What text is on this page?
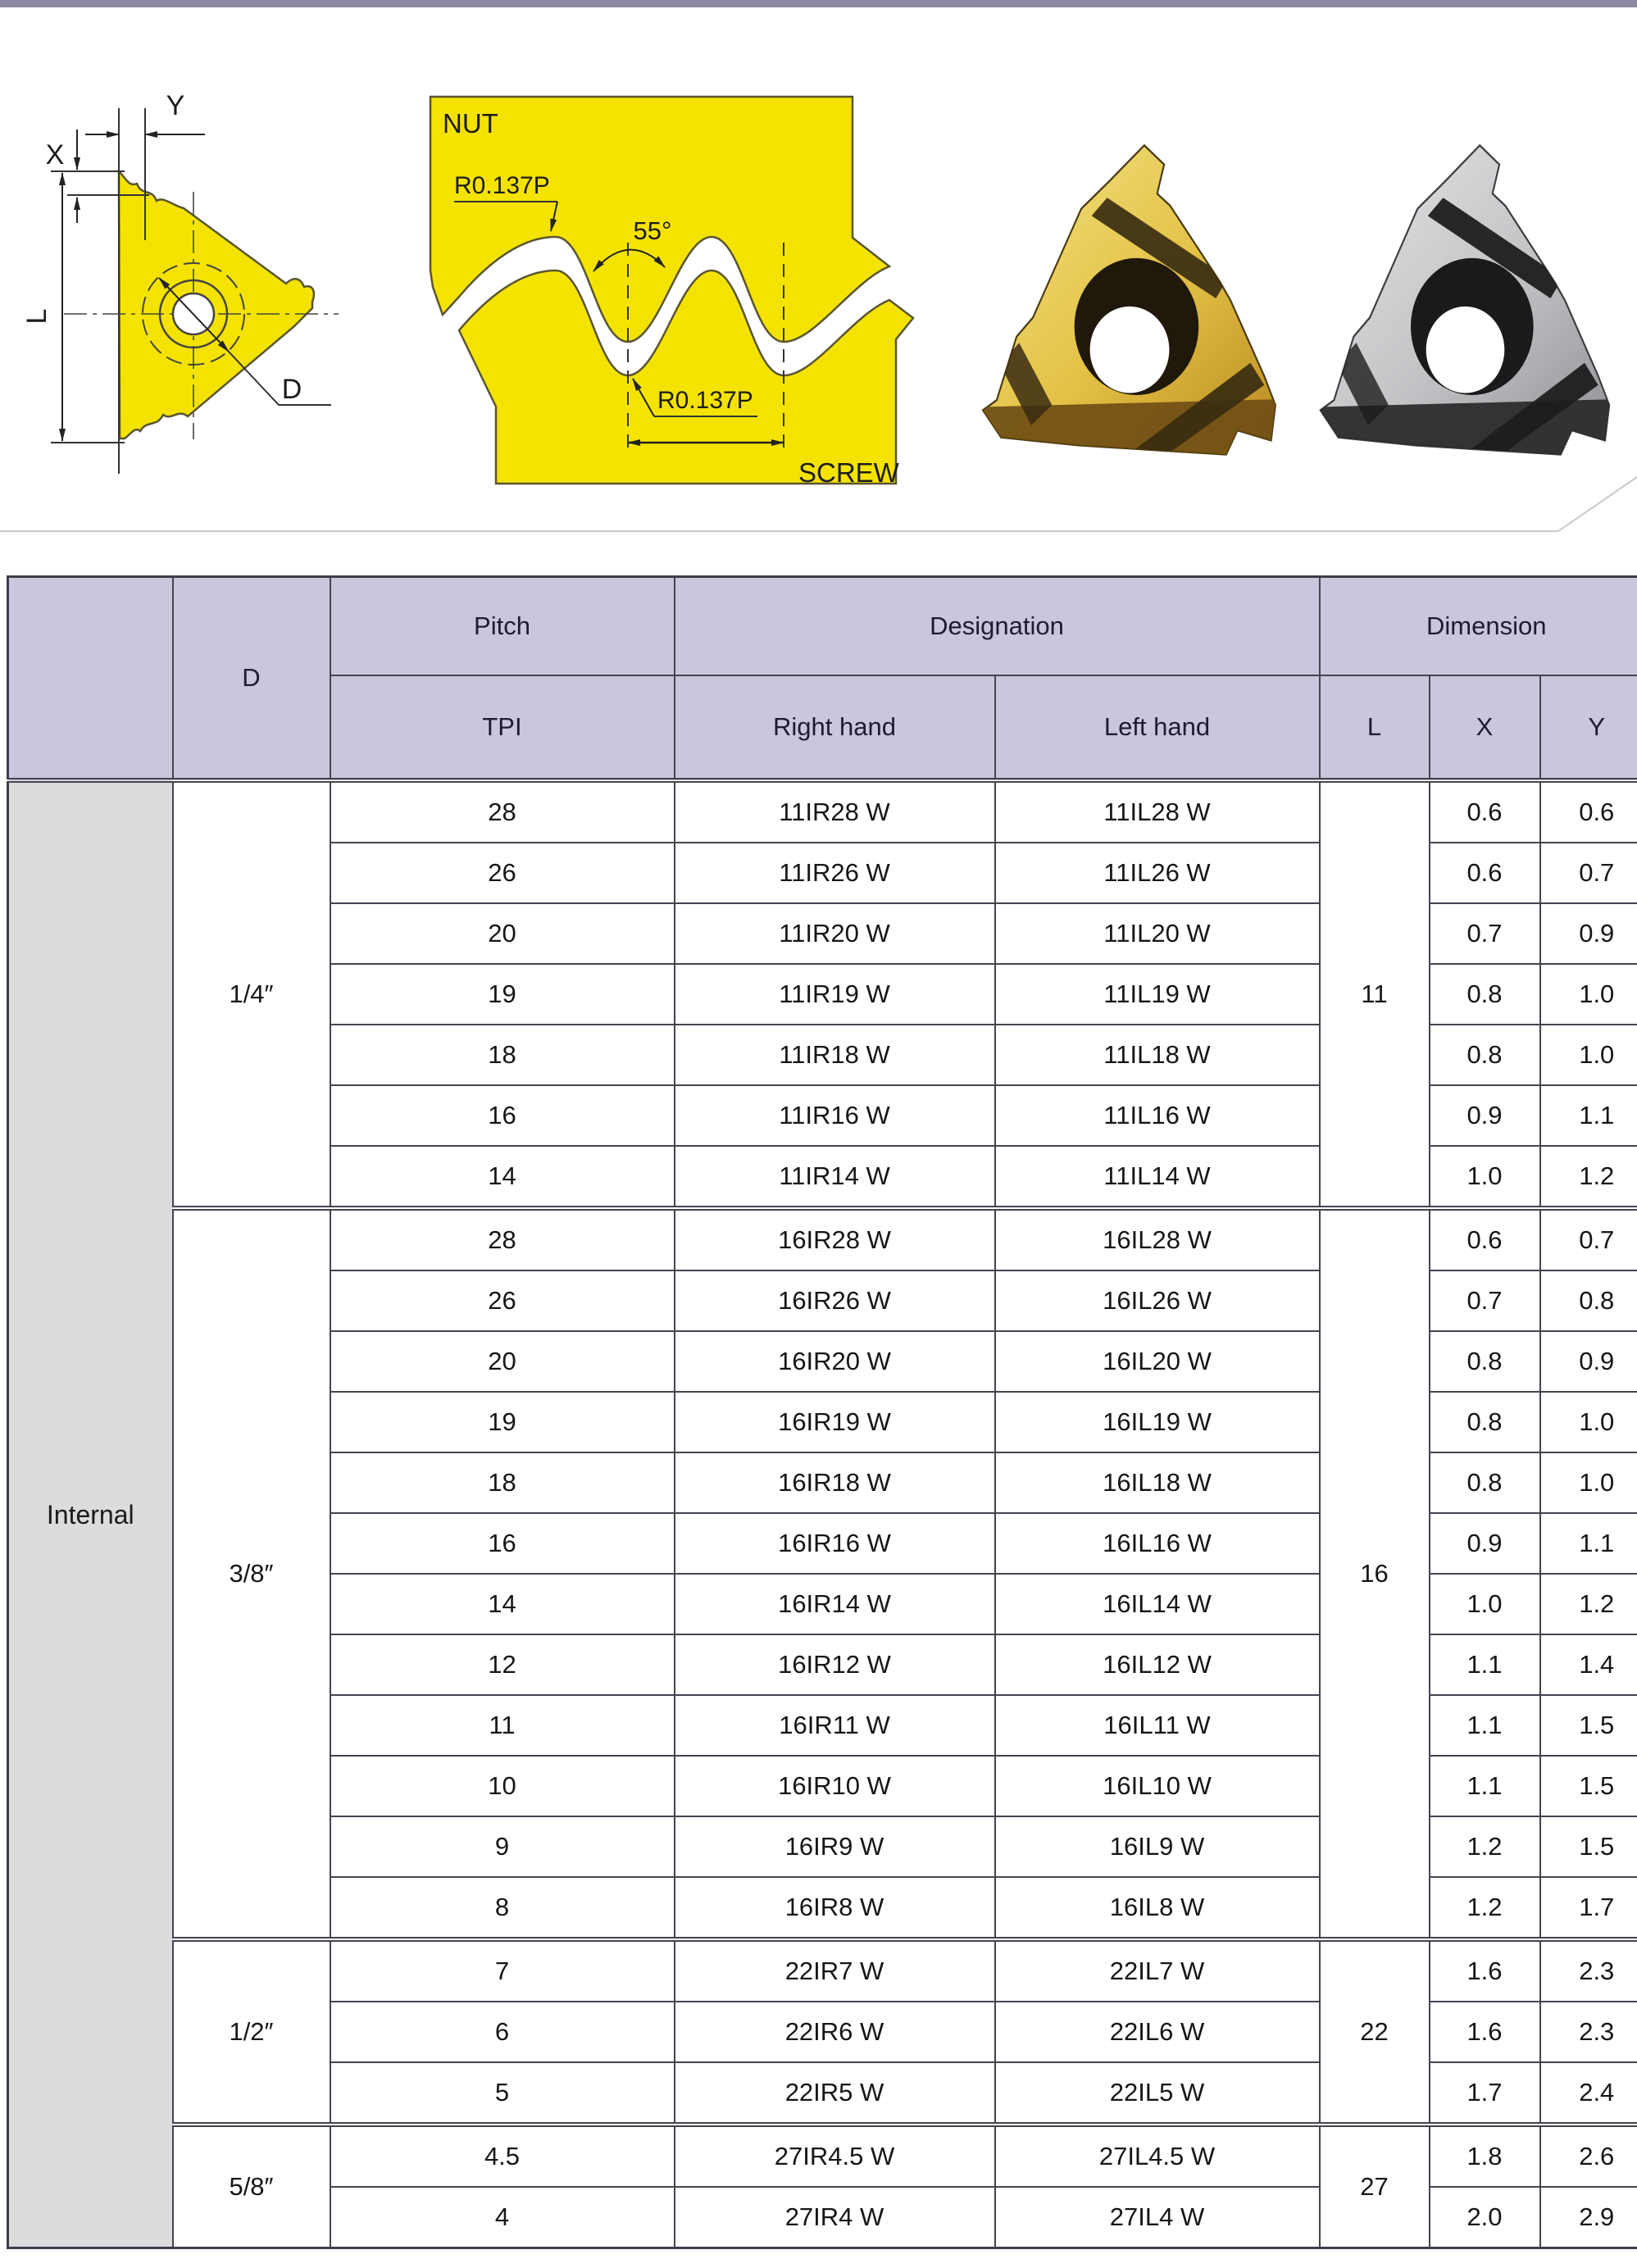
Y
X
L
D
55°
R0.137P
R0.137P
NUT
SCREW
	D	Pitch	Designation		Dimension		
		TPI	Right hand	Left hand	L	X	Y
Internal	1/4″	28	11IR28 W	11IL28 W	11	0.6	0.6
		26	11IR26 W	11IL26 W		0.6	0.7
		20	11IR20 W	11IL20 W		0.7	0.9
		19	11IR19 W	11IL19 W		0.8	1.0
		18	11IR18 W	11IL18 W		0.8	1.0
		16	11IR16 W	11IL16 W		0.9	1.1
		14	11IR14 W	11IL14 W		1.0	1.2
	3/8″	28	16IR28 W	16IL28 W	16	0.6	0.7
		26	16IR26 W	16IL26 W		0.7	0.8
		20	16IR20 W	16IL20 W		0.8	0.9
		19	16IR19 W	16IL19 W		0.8	1.0
		18	16IR18 W	16IL18 W		0.8	1.0
		16	16IR16 W	16IL16 W		0.9	1.1
		14	16IR14 W	16IL14 W		1.0	1.2
		12	16IR12 W	16IL12 W		1.1	1.4
		11	16IR11 W	16IL11 W		1.1	1.5
		10	16IR10 W	16IL10 W		1.1	1.5
		9	16IR9 W	16IL9 W		1.2	1.5
		8	16IR8 W	16IL8 W		1.2	1.7
	1/2″	7	22IR7 W	22IL7 W	22	1.6	2.3
		6	22IR6 W	22IL6 W		1.6	2.3
		5	22IR5 W	22IL5 W		1.7	2.4
	5/8″	4.5	27IR4.5 W	27IL4.5 W	27	1.8	2.6
		4	27IR4 W	27IL4 W		2.0	2.9
